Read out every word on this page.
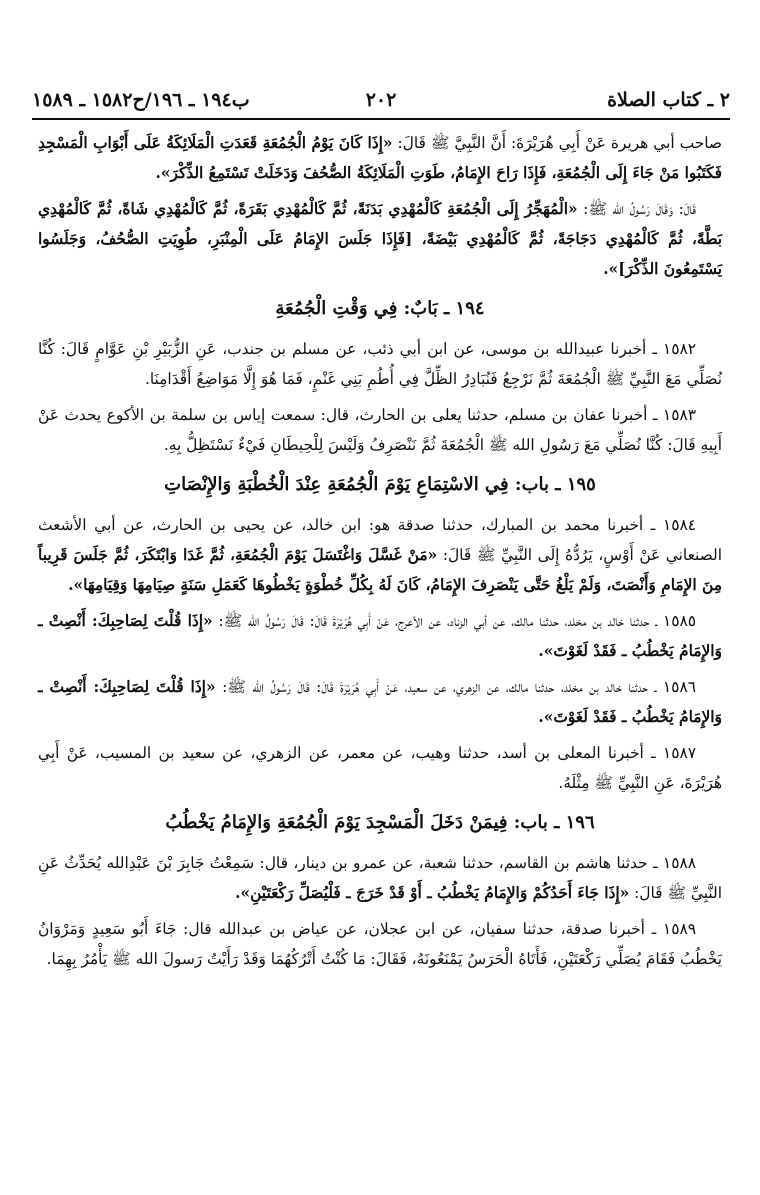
٢ ـ كتاب الصلاة
٢٠٢
ب١٩٤ ـ ١٩٦/ح١٥٨٢ ـ ١٥٨٩

صاحب أبي هريرة عَنْ أَبِي هُرَيْرَةَ: أَنَّ النَّبِيَّ ﷺ قَالَ: «إِذَا كَانَ يَوْمُ الْجُمُعَةِ قَعَدَتِ الْمَلَائِكَةُ عَلَى أَبْوَابِ الْمَسْجِدِ فَكَتَبُوا مَنْ جَاءَ إِلَى الْجُمُعَةِ، فَإِذَا رَاحَ الإِمَامُ، طَوَتِ الْمَلَائِكَةُ الصُّحُفَ وَدَخَلَتْ تَسْتَمِعُ الذِّكْرَ».

قَالَ: وَقَالَ رَسُولُ الله ﷺ: «الْمُهَجِّرُ إِلَى الْجُمُعَةِ كَالْمُهْدِي بَدَنَةً، ثُمَّ كَالْمُهْدِي بَقَرَةً، ثُمَّ كَالْمُهْدِي شَاةً، ثُمَّ كَالْمُهْدِي بَطَّةً، ثُمَّ كَالْمُهْدِي دَجَاجَةً، ثُمَّ كَالْمُهْدِي بَيْضَةً، [فَإِذَا جَلَسَ الإِمَامُ عَلَى الْمِنْبَرِ، طُوِيَتِ الصُّحُفُ، وَجَلَسُوا يَسْتَمِعُونَ الذِّكْرَ]».

١٩٤ ـ بَابٌ: فِي وَقْتِ الْجُمُعَةِ

١٥٨٢ ـ أخبرنا عبيدالله بن موسى، عن ابن أبي ذئب، عن مسلم بن جندب، عَنِ الزُّبَيْرِ بْنِ عَوَّامٍ قَالَ: كُنَّا نُصَلِّي مَعَ النَّبِيِّ ﷺ الْجُمُعَةَ ثُمَّ نَرْجِعُ فَنُبَادِرُ الظِّلَّ فِي أُطُمِ بَنِي غَنْمٍ، فَمَا هُوَ إِلَّا مَوَاضِعُ أَقْدَامِنَا.

١٥٨٣ ـ أخبرنا عفان بن مسلم، حدثنا يعلى بن الحارث، قال: سمعت إياس بن سلمة بن الأكوع يحدث عَنْ أَبِيهِ قَالَ: كُنَّا نُصَلِّي مَعَ رَسُولِ الله ﷺ الْجُمُعَةَ ثُمَّ نَنْصَرِفُ وَلَيْسَ لِلْحِيطَانِ فَيْءٌ نَسْتَظِلُّ بِهِ.

١٩٥ ـ باب: فِي الاسْتِمَاعِ يَوْمَ الْجُمُعَةِ عِنْدَ الْخُطْبَةِ وَالإِنْصَاتِ

١٥٨٤ ـ أخبرنا محمد بن المبارك، حدثنا صدقة هو: ابن خالد، عن يحيى بن الحارث، عن أبي الأشعث الصنعاني عَنْ أَوْسٍ، يَرُدُّهُ إِلَى النَّبِيِّ ﷺ قَالَ: «مَنْ غَسَّلَ وَاغْتَسَلَ يَوْمَ الْجُمُعَةِ، ثُمَّ غَدَا وَابْتَكَرَ، ثُمَّ جَلَسَ قَرِيباً مِنَ الإِمَامِ وَأَنْصَتَ، وَلَمْ يَلْغُ حَتَّى يَنْصَرِفَ الإِمَامُ، كَانَ لَهُ بِكُلِّ خُطْوَةٍ يَخْطُوهَا كَعَمَلِ سَنَةٍ صِيَامِهَا وَقِيَامِهَا».

١٥٨٥ ـ حدثنا خالد بن مخلد، حدثنا مالك، عن أبي الزناد، عن الأعرج، عَنْ أَبِي هُرَيْرَةَ قَالَ: قَالَ رَسُولُ الله ﷺ: «إِذَا قُلْتَ لِصَاحِبِكَ: أَنْصِتْ ـ وَالإِمَامُ يَخْطُبُ ـ فَقَدْ لَغَوْتَ».

١٥٨٦ ـ حدثنا خالد بن مخلد، حدثنا مالك، عن الزهري، عن سعيد، عَنْ أَبِي هُرَيْرَةَ قَالَ: قَالَ رَسُولُ الله ﷺ: «إِذَا قُلْتَ لِصَاحِبِكَ: أَنْصِتْ ـ وَالإِمَامُ يَخْطُبُ ـ فَقَدْ لَغَوْتَ».

١٥٨٧ ـ أخبرنا المعلى بن أسد، حدثنا وهيب، عن معمر، عن الزهري، عن سعيد بن المسيب، عَنْ أَبِي هُرَيْرَةَ، عَنِ النَّبِيِّ ﷺ مِثْلَهُ.

١٩٦ ـ باب: فِيمَنْ دَخَلَ الْمَسْجِدَ يَوْمَ الْجُمُعَةِ وَالإِمَامُ يَخْطُبُ

١٥٨٨ ـ حدثنا هاشم بن القاسم، حدثنا شعبة، عن عمرو بن دينار، قال: سَمِعْتُ جَابِرَ بْنَ عَبْدِالله يُحَدِّثُ عَنِ النَّبِيِّ ﷺ قَالَ: «إِذَا جَاءَ أَحَدُكُمْ وَالإِمَامُ يَخْطُبُ ـ أَوْ قَدْ خَرَجَ ـ فَلْيُصَلِّ رَكْعَتَيْنِ».

١٥٨٩ ـ أخبرنا صدقة، حدثنا سفيان، عن ابن عجلان، عن عياض بن عبدالله قال: جَاءَ أَبُو سَعِيدٍ وَمَرْوَانُ يَخْطُبُ فَقَامَ يُصَلِّي رَكْعَتَيْنِ، فَأَتَاهُ الْحَرَسُ يَمْنَعُونَهُ، فَقَالَ: مَا كُنْتُ أَتْرُكُهُمَا وَقَدْ رَأَيْتُ رَسولَ الله ﷺ يَأْمُرُ بِهِمَا.
